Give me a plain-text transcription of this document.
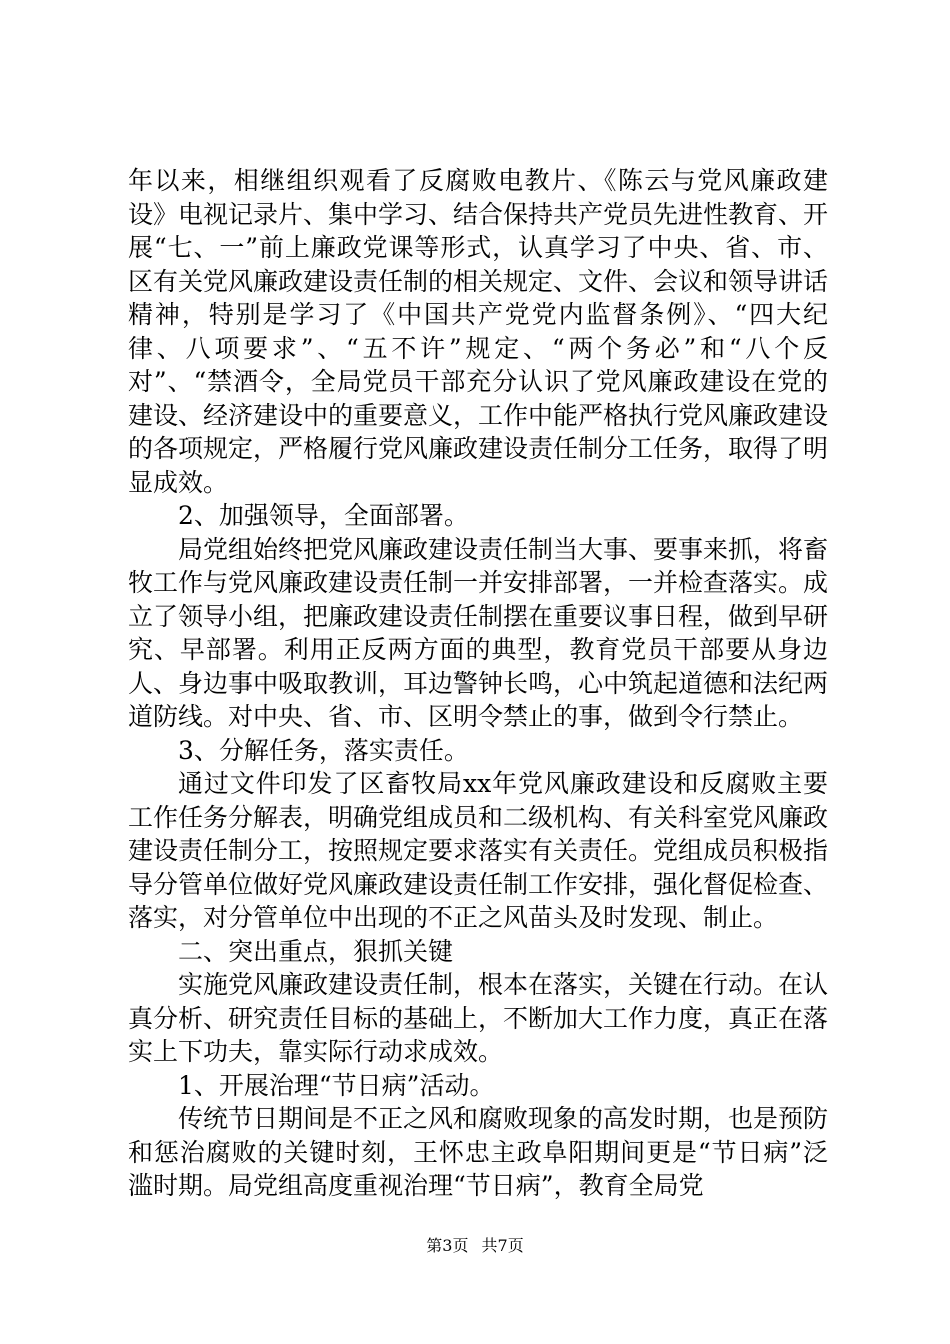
年以来，相继组织观看了反腐败电教片、《陈云与党风廉政建设》电视记录片、集中学习、结合保持共产党员先进性教育、开展“七、一”前上廉政党课等形式，认真学习了中央、省、市、区有关党风廉政建设责任制的相关规定、文件、会议和领导讲话精神，特别是学习了《中国共产党党内监督条例》、“四大纪律、八项要求”、“五不许”规定、“两个务必”和“八个反对”、“禁酒令，全局党员干部充分认识了党风廉政建设在党的建设、经济建设中的重要意义，工作中能严格执行党风廉政建设的各项规定，严格履行党风廉政建设责任制分工任务，取得了明显成效。

2、加强领导，全面部署。

局党组始终把党风廉政建设责任制当大事、要事来抓，将畜牧工作与党风廉政建设责任制一并安排部署，一并检查落实。成立了领导小组，把廉政建设责任制摆在重要议事日程，做到早研究、早部署。利用正反两方面的典型，教育党员干部要从身边人、身边事中吸取教训，耳边警钟长鸣，心中筑起道德和法纪两道防线。对中央、省、市、区明令禁止的事，做到令行禁止。

3、分解任务，落实责任。

通过文件印发了区畜牧局xx年党风廉政建设和反腐败主要工作任务分解表，明确党组成员和二级机构、有关科室党风廉政建设责任制分工，按照规定要求落实有关责任。党组成员积极指导分管单位做好党风廉政建设责任制工作安排，强化督促检查、落实，对分管单位中出现的不正之风苗头及时发现、制止。

二、突出重点，狠抓关键

实施党风廉政建设责任制，根本在落实，关键在行动。在认真分析、研究责任目标的基础上，不断加大工作力度，真正在落实上下功夫，靠实际行动求成效。

1、开展治理“节日病”活动。

传统节日期间是不正之风和腐败现象的高发时期，也是预防和惩治腐败的关键时刻，王怀忠主政阜阳期间更是“节日病”泛滥时期。局党组高度重视治理“节日病”，教育全局党

第3页 共7页
